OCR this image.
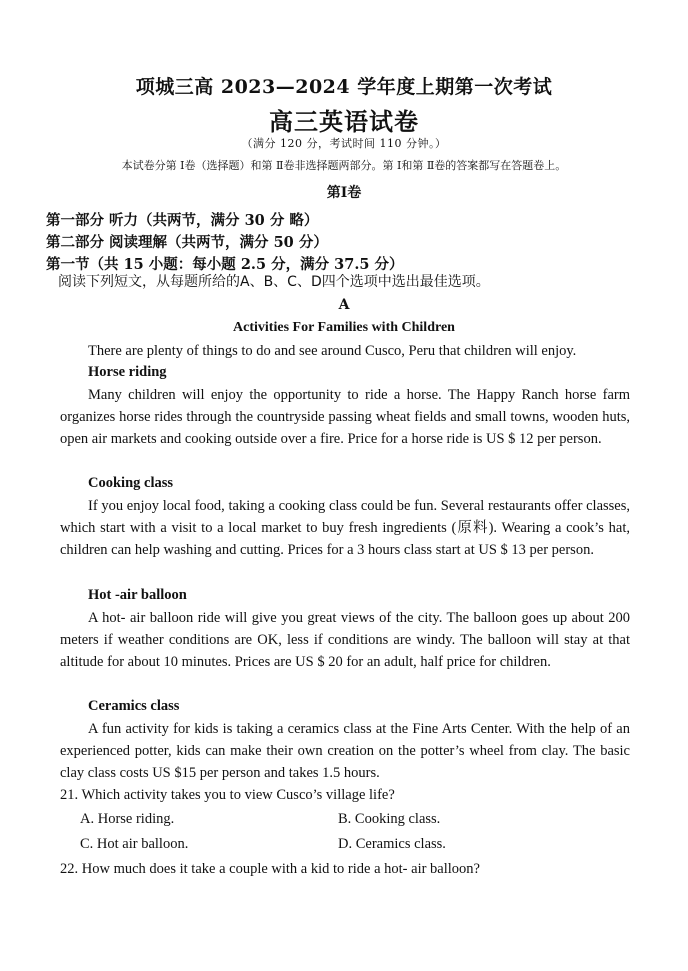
项城三高 2023—2024 学年度上期第一次考试
高三英语试卷
（满分 120 分，考试时间 110 分钟。）
本试卷分第 Ⅰ卷（选择题）和第 Ⅱ卷非选择题两部分。第 Ⅰ和第 Ⅱ卷的答案都写在答题卷上。
第Ⅰ卷
第一部分 听力（共两节，满分 30 分 略）
第二部分 阅读理解（共两节，满分 50 分）
第一节（共 15 小题：每小题 2.5 分，满分 37.5 分）
阅读下列短文，从每题所给的A、B、C、D四个选项中选出最佳选项。
A
Activities For Families with Children

There are plenty of things to do and see around Cusco, Peru that children will enjoy.

Horse riding

Many children will enjoy the opportunity to ride a horse. The Happy Ranch horse farm organizes horse rides through the countryside passing wheat fields and small towns, wooden huts, open air markets and cooking outside over a fire. Price for a horse ride is US $ 12 per person.

Cooking class

If you enjoy local food, taking a cooking class could be fun. Several restaurants offer classes, which start with a visit to a local market to buy fresh ingredients (原料). Wearing a cook’s hat, children can help washing and cutting. Prices for a 3 hours class start at US $ 13 per person.

Hot -air balloon

A hot- air balloon ride will give you great views of the city. The balloon goes up about 200 meters if weather conditions are OK, less if conditions are windy. The balloon will stay at that altitude for about 10 minutes. Prices are US $ 20 for an adult, half price for children.

Ceramics class

A fun activity for kids is taking a ceramics class at the Fine Arts Center. With the help of an experienced potter, kids can make their own creation on the potter’s wheel from clay. The basic clay class costs US $15 per person and takes 1.5 hours.

21. Which activity takes you to view Cusco’s village life?
A. Horse riding.	B. Cooking class.
C. Hot air balloon.	D. Ceramics class.
22. How much does it take a couple with a kid to ride a hot- air balloon?
